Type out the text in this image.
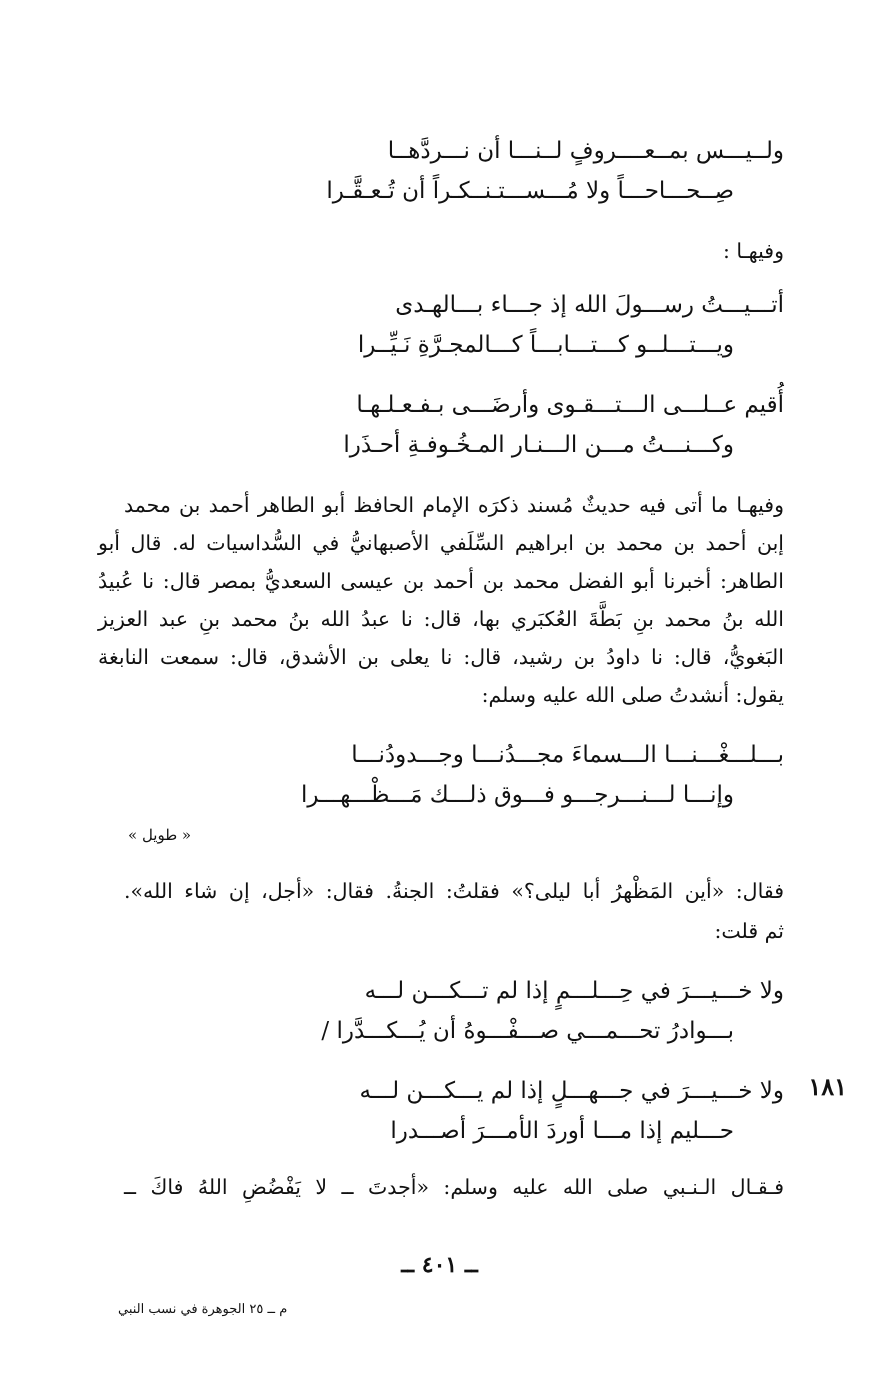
ولــيـــس بمــعــــروفٍ لــنـــا أن نـــردَّهــا
صِــحـــاحـــاً ولا مُـــســـتـنــكـراً أن تُـعـقَّـرا
وفيهـا :
أتـــيـــتُ رســـولَ الله إذ جـــاء بـــالهـدى
ويـــتـــلــو كـــتـــابـــاً كـــالمجـرَّةِ نَـيِّــرا
أُقيم عــلـــى الـــتـــقـوى وأرضَـــى بـفـعـلـهـا
وكـــنـــتُ مـــن الـــنـار المـخُـوفـةِ أحـذَرا
وفيهـا ما أتى فيه حديثٌ مُسند ذكرَه الإمام الحافظ أبو الطاهر أحمد بن محمد
إبن أحمد بن محمد بن ابراهيم السِّلَفي الأصبهانيُّ في السُّداسيات له. قال أبو
الطاهر: أخبرنا أبو الفضل محمد بن أحمد بن عيسى السعديُّ بمصر قال: نا عُبيدُ
الله بنُ محمد بنِ بَطَّةَ العُكبَري بها، قال: نا عبدُ الله بنُ محمد بنِ عبد العزيز
البَغويُّ، قال: نا داودُ بن رشيد، قال: نا يعلى بن الأشدق، قال: سمعت النابغة
يقول: أنشدتُ صلى الله عليه وسلم:
بـــلـــغْـــنـــا الـــسماءَ مجـــدُنـــا وجـــدودُنـــا
وإنـــا لـــنـــرجـــو فـــوق ذلـــك مَـــظْـــهـــرا
« طويل »
فقال: «أين المَظْهرُ أبا ليلى؟» فقلتُ: الجنةُ. فقال: «أجل، إن شاء الله».
ثم قلت:
ولا خـــيـــرَ في حِـــلـــمٍ إذا لم تـــكـــن لـــه
بـــوادرُ تحـــمـــي صـــفْـــوهُ أن يُـــكـــدَّرا /
١٨١
ولا خـــيـــرَ في جـــهـــلٍ إذا لم يـــكـــن لـــه
حـــليم إذا مـــا أوردَ الأمـــرَ أصـــدرا
فـقـال الـنـبي صلى الله عليه وسلم: «أجدتَ ــ لا يَفْضُضِ اللهُ فاكَ ــ
ــ ٤٠١ ــ
م ــ ٢٥ الجوهرة في نسب النبي
